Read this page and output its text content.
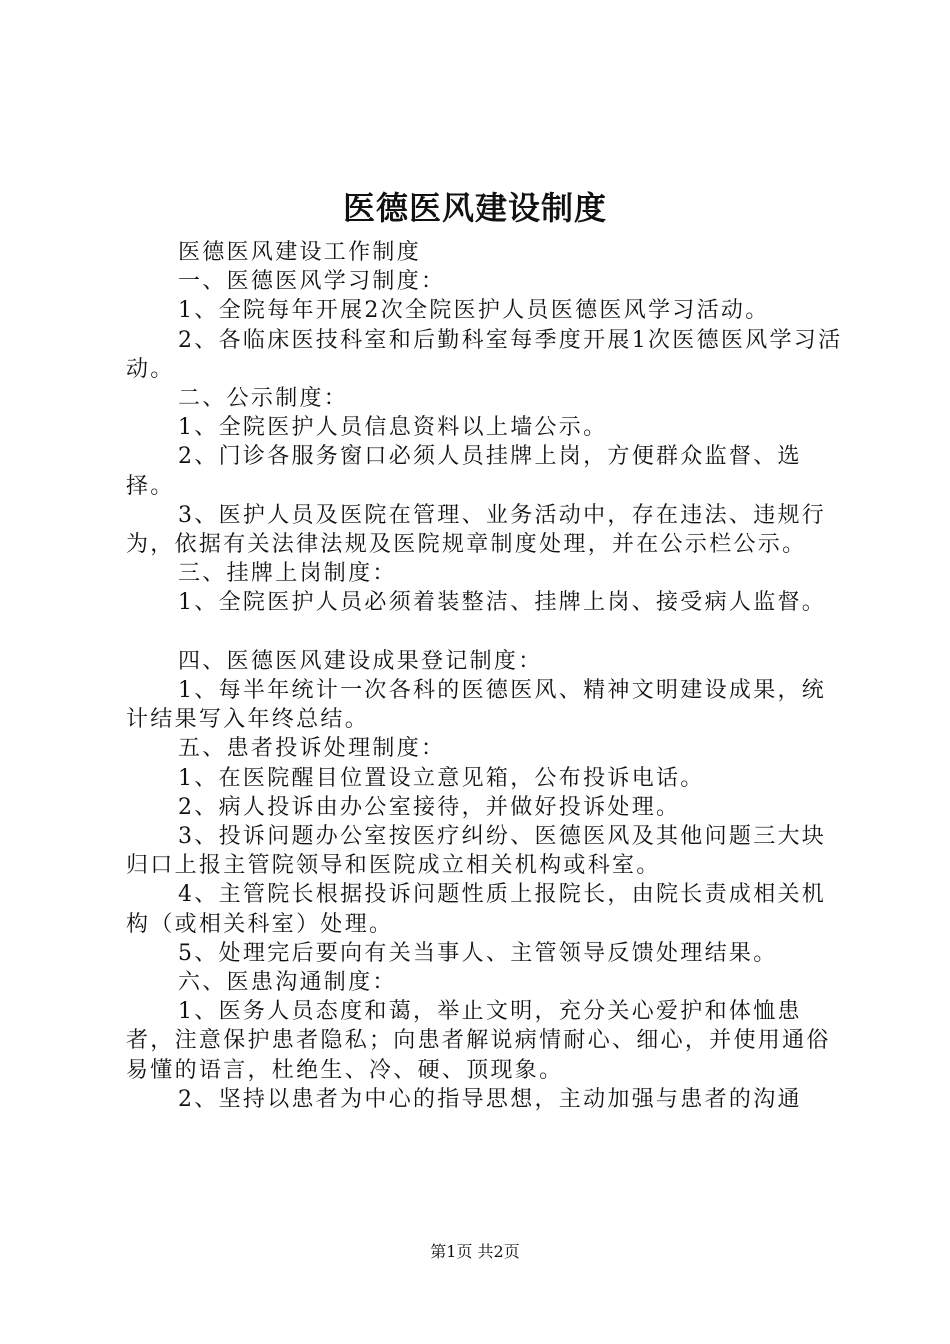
医德医风建设制度

医德医风建设工作制度

一、医德医风学习制度：

1、全院每年开展2次全院医护人员医德医风学习活动。

2、各临床医技科室和后勤科室每季度开展1次医德医风学习活动。

二、公示制度：

1、全院医护人员信息资料以上墙公示。

2、门诊各服务窗口必须人员挂牌上岗，方便群众监督、选择。

3、医护人员及医院在管理、业务活动中，存在违法、违规行为，依据有关法律法规及医院规章制度处理，并在公示栏公示。

三、挂牌上岗制度：

1、全院医护人员必须着装整洁、挂牌上岗、接受病人监督。

四、医德医风建设成果登记制度：

1、每半年统计一次各科的医德医风、精神文明建设成果，统计结果写入年终总结。

五、患者投诉处理制度：

1、在医院醒目位置设立意见箱，公布投诉电话。

2、病人投诉由办公室接待，并做好投诉处理。

3、投诉问题办公室按医疗纠纷、医德医风及其他问题三大块归口上报主管院领导和医院成立相关机构或科室。

4、主管院长根据投诉问题性质上报院长，由院长责成相关机构（或相关科室）处理。

5、处理完后要向有关当事人、主管领导反馈处理结果。

六、医患沟通制度：

1、医务人员态度和蔼，举止文明，充分关心爱护和体恤患者，注意保护患者隐私；向患者解说病情耐心、细心，并使用通俗易懂的语言，杜绝生、冷、硬、顶现象。

2、坚持以患者为中心的指导思想，主动加强与患者的沟通

第1页 共2页
